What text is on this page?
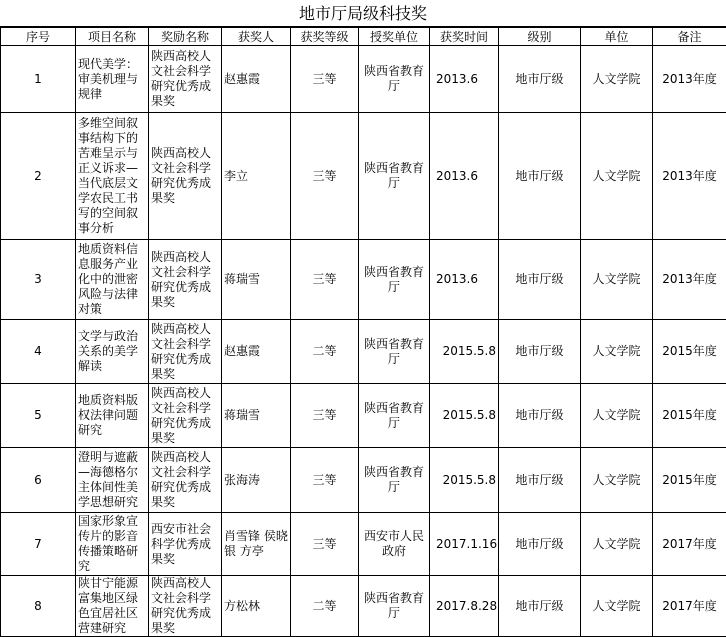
地市厅局级科技奖
序号	项目名称	奖励名称	获奖人	获奖等级	授奖单位	获奖时间	级别	单位	备注
1	现代美学：审美机理与规律	陕西高校人文社会科学研究优秀成果奖	赵惠霞	三等	陕西省教育厅	2013.6	地市厅级	人文学院	2013年度
2	多维空间叙事结构下的苦难呈示与正义诉求—当代底层文学农民工书写的空间叙事分析	陕西高校人文社会科学研究优秀成果奖	李立	三等	陕西省教育厅	2013.6	地市厅级	人文学院	2013年度
3	地质资料信息服务产业化中的泄密风险与法律对策	陕西高校人文社会科学研究优秀成果奖	蒋瑞雪	三等	陕西省教育厅	2013.6	地市厅级	人文学院	2013年度
4	文学与政治关系的美学解读	陕西高校人文社会科学研究优秀成果奖	赵惠霞	二等	陕西省教育厅	2015.5.8	地市厅级	人文学院	2015年度
5	地质资料版权法律问题研究	陕西高校人文社会科学研究优秀成果奖	蒋瑞雪	三等	陕西省教育厅	2015.5.8	地市厅级	人文学院	2015年度
6	澄明与遮蔽—海德格尔主体间性美学思想研究	陕西高校人文社会科学研究优秀成果奖	张海涛	三等	陕西省教育厅	2015.5.8	地市厅级	人文学院	2015年度
7	国家形象宣传片的影音传播策略研究	西安市社会科学优秀成果奖	肖雪锋 侯晓银 方亭	三等	西安市人民政府	2017.1.16	地市厅级	人文学院	2017年度
8	陕甘宁能源富集地区绿色宜居社区营建研究	陕西高校人文社会科学研究优秀成果奖	方松林	二等	陕西省教育厅	2017.8.28	地市厅级	人文学院	2017年度
